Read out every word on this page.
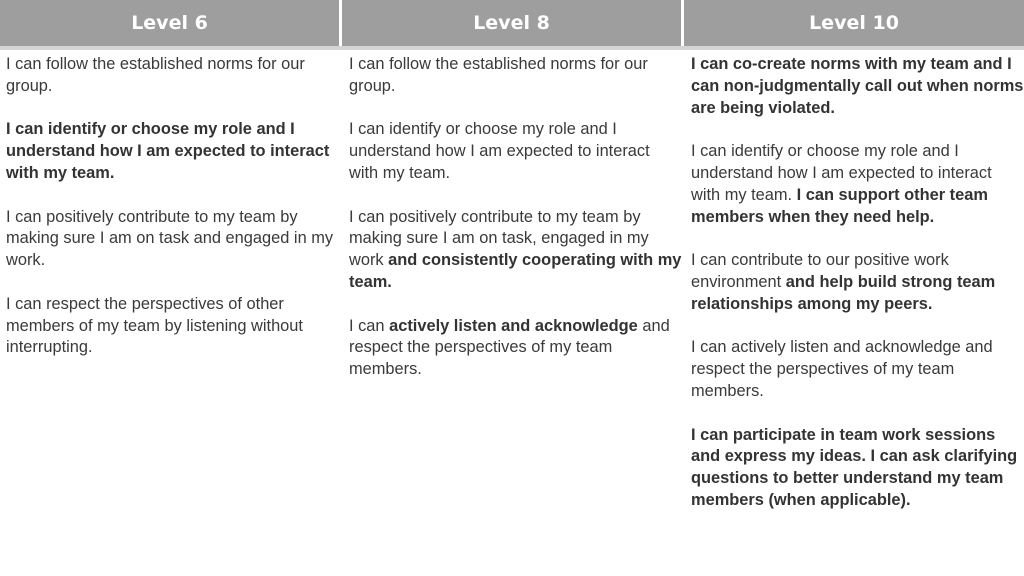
Level 6	Level 8	Level 10

I can follow the established norms for our group.

I can identify or choose my role and I understand how I am expected to interact with my team.

I can positively contribute to my team by making sure I am on task and engaged in my work.

I can respect the perspectives of other members of my team by listening without interrupting.

I can follow the established norms for our group.

I can identify or choose my role and I understand how I am expected to interact with my team.

I can positively contribute to my team by making sure I am on task, engaged in my work and consistently cooperating with my team.

I can actively listen and acknowledge and respect the perspectives of my team members.

I can co-create norms with my team and I can non-judgmentally call out when norms are being violated.

I can identify or choose my role and I understand how I am expected to interact with my team. I can support other team members when they need help.

I can contribute to our positive work environment and help build strong team relationships among my peers.

I can actively listen and acknowledge and respect the perspectives of my team members.

I can participate in team work sessions and express my ideas. I can ask clarifying questions to better understand my team members (when applicable).
